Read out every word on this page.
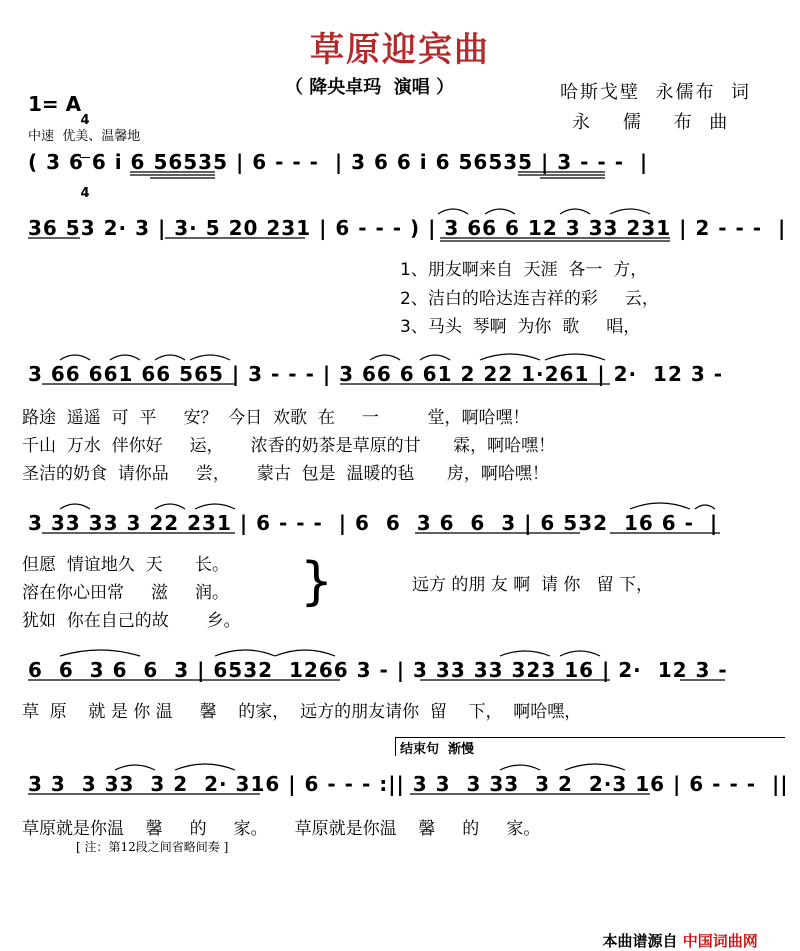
草原迎宾曲
（ 降央卓玛  演唱 ）	哈斯戈壁  永儒布  词
永    儒    布  曲
1= A

4

4

中速  优美、温馨地
( 3 6 6 i 6 56535 | 6 - - -  | 3 6 6 i 6 56535 | 3 - - -  |
36 53 2· 3 | 3· 5 20 231 | 6 - - - ) | 3 66 6 12 3 33 231 | 2 - - -  |
1、朋友啊来自  天涯  各一  方，
2、洁白的哈达连吉祥的彩     云，
3、马头  琴啊  为你  歌     唱，
3 66 661 66 565 | 3 - - - | 3 66 6 61 2 22 1·261 | 2·  12 3 -
路途  遥遥  可  平     安？  今日  欢歌  在     一         堂，啊哈嘿！
千山  万水  伴你好     运，     浓香的奶茶是草原的甘      霖，啊哈嘿！
圣洁的奶食  请你品     尝，     蒙古  包是  温暖的毡      房，啊哈嘿！
3 33 33 3 22 231 | 6 - - -  | 6  6  3 6  6  3 | 6 532  16 6 -  |
但愿  情谊地久  天      长。
溶在你心田常     滋     润。
犹如  你在自己的故       乡。
}	远方 的朋 友 啊  请 你   留 下，
6  6  3 6  6  3 | 6532  1266 3 - | 3 33 33 323 16 | 2·  12 3 -
草  原    就 是 你 温     馨    的家，  远方的朋友请你  留    下，  啊哈嘿，
结束句  渐慢
3 3  3 33  3 2  2· 316 | 6 - - - :|| 3 3  3 33  3 2  2·3 16 | 6 - - -  ||
草原就是你温    馨     的     家。     草原就是你温    馨     的     家。
[ 注：第12段之间省略间奏 ]

本曲谱源自 中国词曲网
